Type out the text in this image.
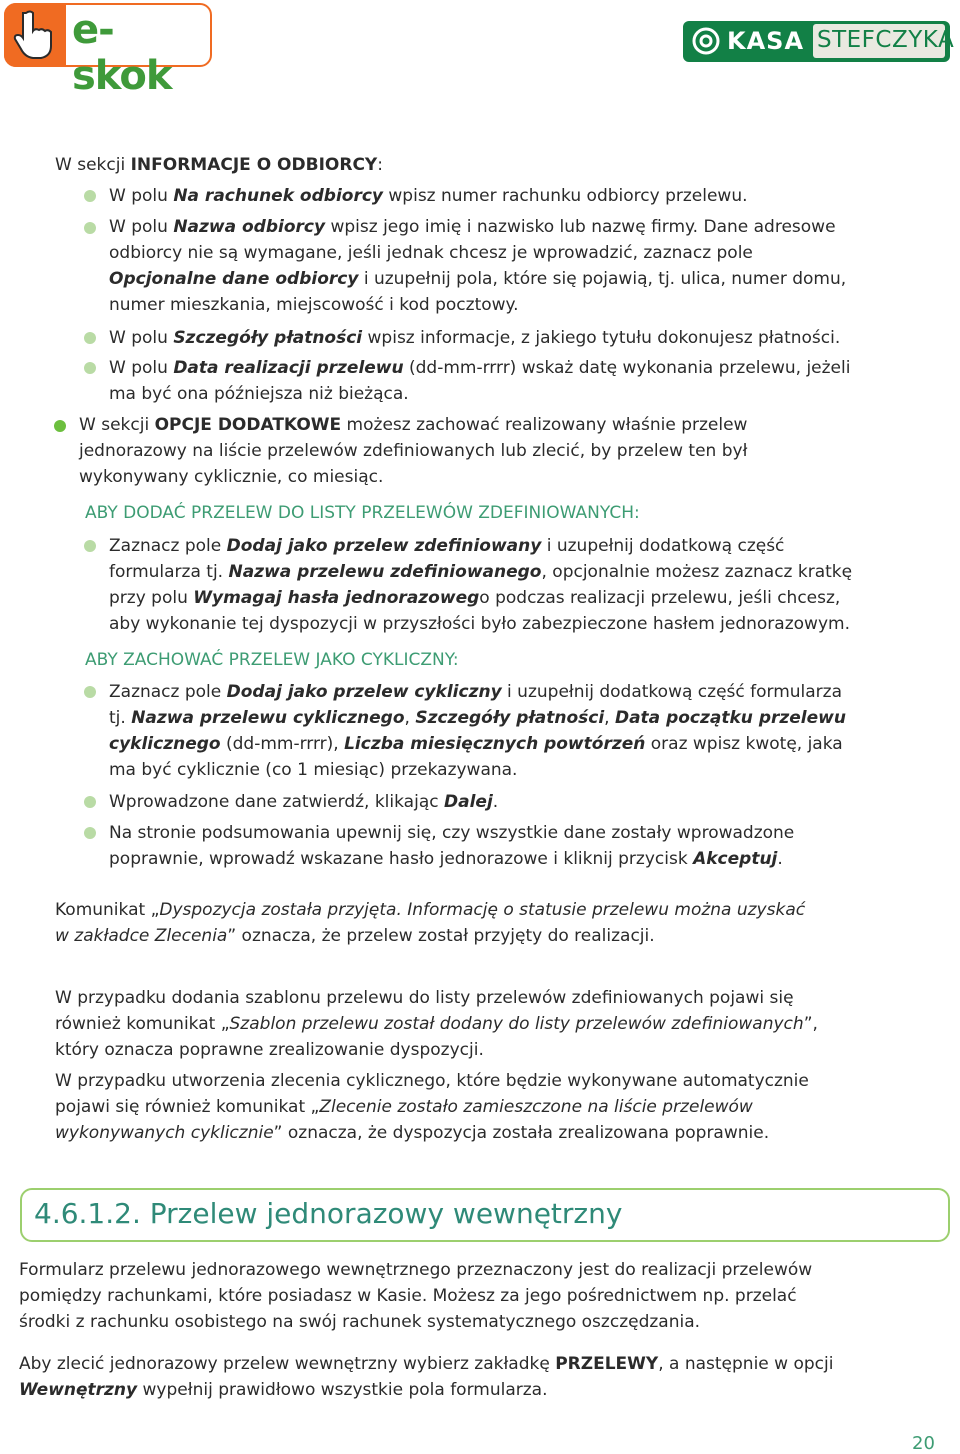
e-skok
KASA STEFCZYKA
W sekcji INFORMACJE O ODBIORCY:
W polu Na rachunek odbiorcy wpisz numer rachunku odbiorcy przelewu.
W polu Nazwa odbiorcy wpisz jego imię i nazwisko lub nazwę firmy. Dane adresowe
odbiorcy nie są wymagane, jeśli jednak chcesz je wprowadzić, zaznacz pole
Opcjonalne dane odbiorcy i uzupełnij pola, które się pojawią, tj. ulica, numer domu,
numer mieszkania, miejscowość i kod pocztowy.
W polu Szczegóły płatności wpisz informacje, z jakiego tytułu dokonujesz płatności.
W polu Data realizacji przelewu (dd-mm-rrrr) wskaż datę wykonania przelewu, jeżeli
ma być ona późniejsza niż bieżąca.
W sekcji OPCJE DODATKOWE możesz zachować realizowany właśnie przelew
jednorazowy na liście przelewów zdefiniowanych lub zlecić, by przelew ten był
wykonywany cyklicznie, co miesiąc.
ABY DODAĆ PRZELEW DO LISTY PRZELEWÓW ZDEFINIOWANYCH:
Zaznacz pole Dodaj jako przelew zdefiniowany i uzupełnij dodatkową część
formularza tj. Nazwa przelewu zdefiniowanego, opcjonalnie możesz zaznacz kratkę
przy polu Wymagaj hasła jednorazowego podczas realizacji przelewu, jeśli chcesz,
aby wykonanie tej dyspozycji w przyszłości było zabezpieczone hasłem jednorazowym.
ABY ZACHOWAĆ PRZELEW JAKO CYKLICZNY:
Zaznacz pole Dodaj jako przelew cykliczny i uzupełnij dodatkową część formularza
tj. Nazwa przelewu cyklicznego, Szczegóły płatności, Data początku przelewu
cyklicznego (dd-mm-rrrr), Liczba miesięcznych powtórzeń oraz wpisz kwotę, jaka
ma być cyklicznie (co 1 miesiąc) przekazywana.
Wprowadzone dane zatwierdź, klikając Dalej.
Na stronie podsumowania upewnij się, czy wszystkie dane zostały wprowadzone
poprawnie, wprowadź wskazane hasło jednorazowe i kliknij przycisk Akceptuj.
Komunikat „Dyspozycja została przyjęta. Informację o statusie przelewu można uzyskać
w zakładce Zlecenia” oznacza, że przelew został przyjęty do realizacji.
W przypadku dodania szablonu przelewu do listy przelewów zdefiniowanych pojawi się
również komunikat „Szablon przelewu został dodany do listy przelewów zdefiniowanych”,
który oznacza poprawne zrealizowanie dyspozycji.
W przypadku utworzenia zlecenia cyklicznego, które będzie wykonywane automatycznie
pojawi się również komunikat „Zlecenie zostało zamieszczone na liście przelewów
wykonywanych cyklicznie” oznacza, że dyspozycja została zrealizowana poprawnie.
4.6.1.2. Przelew jednorazowy wewnętrzny
Formularz przelewu jednorazowego wewnętrznego przeznaczony jest do realizacji przelewów
pomiędzy rachunkami, które posiadasz w Kasie. Możesz za jego pośrednictwem np. przelać
środki z rachunku osobistego na swój rachunek systematycznego oszczędzania.
Aby zlecić jednorazowy przelew wewnętrzny wybierz zakładkę PRZELEWY, a następnie w opcji
Wewnętrzny wypełnij prawidłowo wszystkie pola formularza.
20
